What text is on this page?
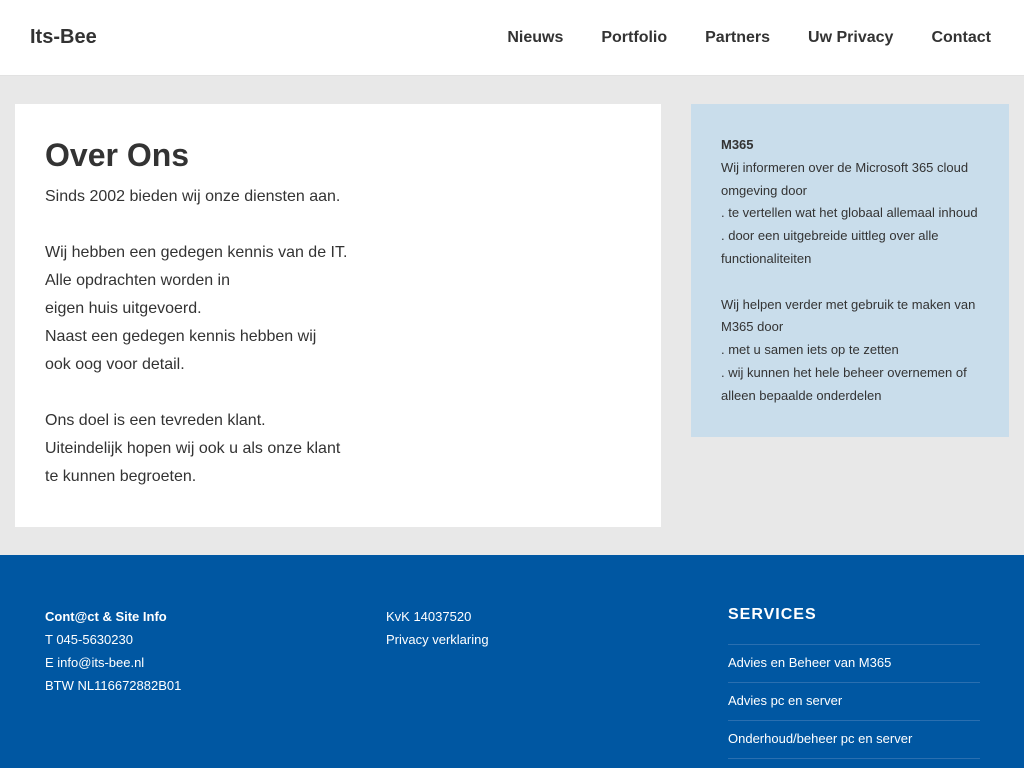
Its-Bee	Nieuws Portfolio Partners Uw Privacy Contact
Over Ons

Sinds 2002 bieden wij onze diensten aan.

Wij hebben een gedegen kennis van de IT.

Alle opdrachten worden in

eigen huis uitgevoerd.

Naast een gedegen kennis hebben wij

ook oog voor detail.

Ons doel is een tevreden klant.

Uiteindelijk hopen wij ook u als onze klant

te kunnen begroeten.

M365

Wij informeren over de Microsoft 365 cloud

omgeving door

. te vertellen wat het globaal allemaal inhoud

. door een uitgebreide uittleg over alle

functionaliteiten

Wij helpen verder met gebruik te maken van

M365 door

. met u samen iets op te zetten

. wij kunnen het hele beheer overnemen of

alleen bepaalde onderdelen

Cont@ct & Site Info
T 045-5630230
E info@its-bee.nl
BTW NL116672882B01
KvK 14037520
Privacy verklaring
SERVICES
Advies en Beheer van M365
Advies pc en server
Onderhoud/beheer pc en server
